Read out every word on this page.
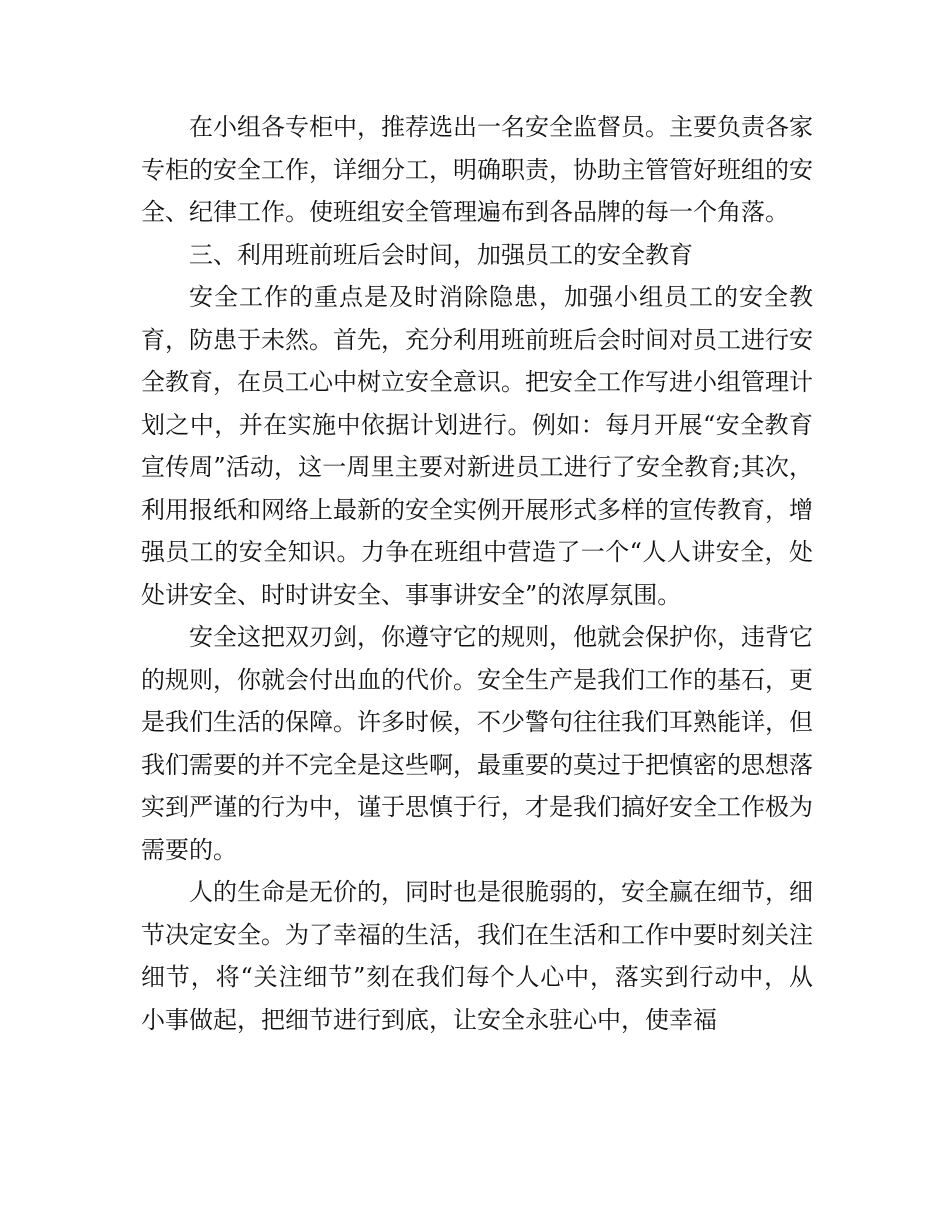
在小组各专柜中，推荐选出一名安全监督员。主要负责各家专柜的安全工作，详细分工，明确职责，协助主管管好班组的安全、纪律工作。使班组安全管理遍布到各品牌的每一个角落。

三、利用班前班后会时间，加强员工的安全教育

安全工作的重点是及时消除隐患，加强小组员工的安全教育，防患于未然。首先，充分利用班前班后会时间对员工进行安全教育，在员工心中树立安全意识。把安全工作写进小组管理计划之中，并在实施中依据计划进行。例如：每月开展“安全教育宣传周”活动，这一周里主要对新进员工进行了安全教育;其次，利用报纸和网络上最新的安全实例开展形式多样的宣传教育，增强员工的安全知识。力争在班组中营造了一个“人人讲安全，处处讲安全、时时讲安全、事事讲安全”的浓厚氛围。

安全这把双刃剑，你遵守它的规则，他就会保护你，违背它的规则，你就会付出血的代价。安全生产是我们工作的基石，更是我们生活的保障。许多时候，不少警句往往我们耳熟能详，但我们需要的并不完全是这些啊，最重要的莫过于把慎密的思想落实到严谨的行为中，谨于思慎于行，才是我们搞好安全工作极为需要的。

人的生命是无价的，同时也是很脆弱的，安全赢在细节，细节决定安全。为了幸福的生活，我们在生活和工作中要时刻关注细节，将“关注细节”刻在我们每个人心中，落实到行动中，从小事做起，把细节进行到底，让安全永驻心中，使幸福
